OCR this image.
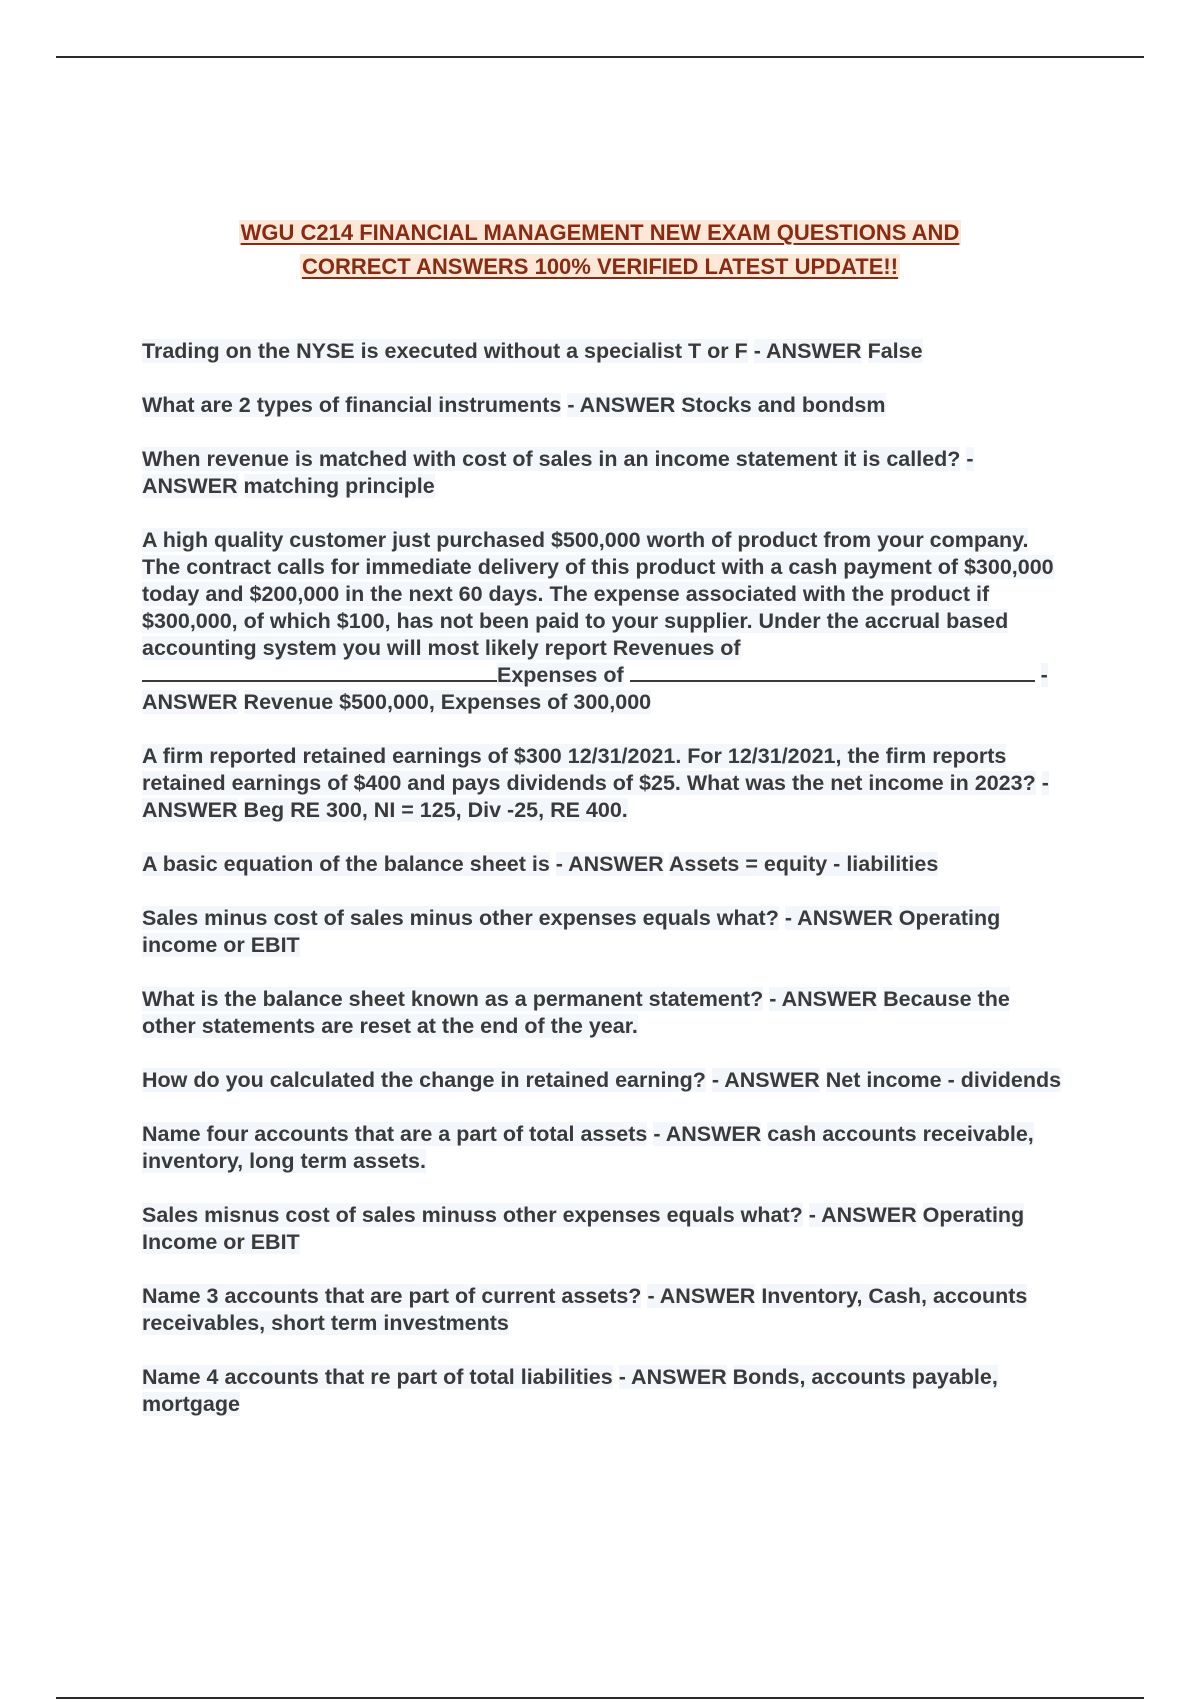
WGU C214 FINANCIAL MANAGEMENT NEW EXAM QUESTIONS AND
CORRECT ANSWERS 100% VERIFIED LATEST UPDATE!!

Trading on the NYSE is executed without a specialist T or F - ANSWER False

What are 2 types of financial instruments - ANSWER Stocks and bondsm

When revenue is matched with cost of sales in an income statement it is called? - ANSWER matching principle

A high quality customer just purchased $500,000 worth of product from your company. The contract calls for immediate delivery of this product with a cash payment of $300,000 today and $200,000 in the next 60 days. The expense associated with the product if $300,000, of which $100, has not been paid to your supplier. Under the accrual based accounting system you will most likely report Revenues of Expenses of	- ANSWER Revenue $500,000, Expenses of 300,000

A firm reported retained earnings of $300 12/31/2021. For 12/31/2021, the firm reports retained earnings of $400 and pays dividends of $25. What was the net income in 2023? - ANSWER Beg RE 300, NI = 125, Div -25, RE 400.

A basic equation of the balance sheet is - ANSWER Assets = equity - liabilities

Sales minus cost of sales minus other expenses equals what? - ANSWER Operating income or EBIT

What is the balance sheet known as a permanent statement? - ANSWER Because the other statements are reset at the end of the year.

How do you calculated the change in retained earning? - ANSWER Net income - dividends

Name four accounts that are a part of total assets - ANSWER cash accounts receivable, inventory, long term assets.

Sales misnus cost of sales minuss other expenses equals what? - ANSWER Operating Income or EBIT

Name 3 accounts that are part of current assets? - ANSWER Inventory, Cash, accounts receivables, short term investments

Name 4 accounts that re part of total liabilities - ANSWER Bonds, accounts payable, mortgage
